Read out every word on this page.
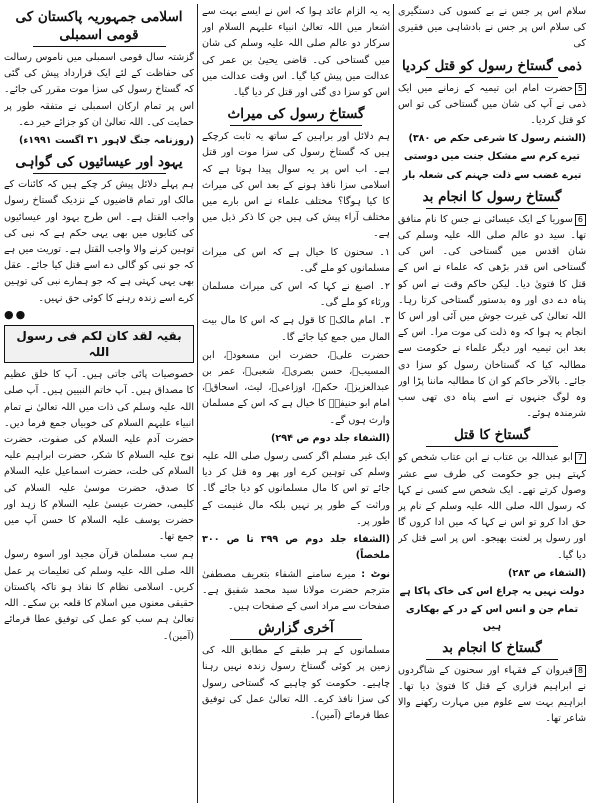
سلام اس پر جس نے بے کسوں کی دستگیری کی سلام اس پر جس نے بادشاہی میں فقیری کی

ذمی گستاخ رسول کو قتل کردیا

5حضرت امام ابن تیمیہ کے زمانے میں ایک ذمی نے آپ کی شان میں گستاخی کی تو اس کو قتل کردیا۔

(الشتم رسول کا شرعی حکم ص ۳۸۰)

تیرے کرم سے مشکل جنت میں دوستی

تیرے غضب سے ذلت جہنم کی شعلہ بار

گستاخ رسول کا انجام بد

6سوریا کے ایک عیسائی نے جس کا نام منافق تھا۔ سید دو عالم صلی اللہ علیہ وسلم کی شان اقدس میں گستاخی کی۔ اس کی گستاخی اس قدر بڑھی کہ علماء نے اس کے قتل کا فتویٰ دیا۔ لیکن حاکم وقت نے اس کو پناہ دے دی اور وہ بدستور گستاخی کرتا رہا۔ اللہ تعالیٰ کی غیرت جوش میں آئی اور اس کا انجام یہ ہوا کہ وہ ذلت کی موت مرا۔ اس کے بعد ابن تیمیہ اور دیگر علماء نے حکومت سے مطالبہ کیا کہ گستاخان رسول کو سزا دی جائے۔ بالآخر حاکم کو ان کا مطالبہ ماننا پڑا اور وہ لوگ جنہوں نے اسے پناہ دی تھی سب شرمندہ ہوئے۔

گستاخ کا قتل

7ابو عبداللہ بن عتاب نے ابن عتاب شخص کو کہتے ہیں جو حکومت کی طرف سے عشر وصول کرتے تھے۔ ایک شخص سے کسی نے کہا کہ رسول اللہ صلی اللہ علیہ وسلم کے نام پر حق ادا کرو تو اس نے کہا کہ میں ادا کروں گا اور رسول پر لعنت بھیجو۔ اس پر اسے قتل کر دیا گیا۔

(الشفاء ص ۲۸۳)

دولت نہیں یہ چراغ اس کی خاک پاکا ہے

تمام جن و انس اس کے در کے بھکاری ہیں

گستاخ کا انجام بد

8قیروان کے فقہاء اور سحنون کے شاگردوں نے ابراہیم فزاری کے قتل کا فتویٰ دیا تھا۔ ابراہیم بہت سے علوم میں مہارت رکھنے والا شاعر تھا۔

یہ یہ الزام عائد ہوا کہ اس نے ایسے بہت سے اشعار میں اللہ تعالیٰ انبیاء علیہم السلام اور سرکار دو عالم صلی اللہ علیہ وسلم کی شان میں گستاخی کی۔ قاضی یحییٰ بن عمر کی عدالت میں پیش کیا گیا۔ اس وقت عدالت میں اس کو سزا دی گئی اور قتل کر دیا گیا۔

گستاخ رسول کی میراث

ہم دلائل اور براہین کے ساتھ یہ ثابت کرچکے ہیں کہ گستاخ رسول کی سزا موت اور قتل ہے۔ اب اس پر یہ سوال پیدا ہوتا ہے کہ اسلامی سزا نافذ ہونے کے بعد اس کی میراث کا کیا ہوگا؟ مختلف علماء نے اس بارے میں مختلف آراء پیش کی ہیں جن کا ذکر ذیل میں ہے۔

۱۔ سحنون کا خیال ہے کہ اس کی میراث مسلمانوں کو ملے گی۔

۲۔ اصبغ نے کہا کہ اس کی میراث مسلمان ورثاء کو ملے گی۔

۳۔ امام مالکؒ کا قول ہے کہ اس کا مال بیت المال میں جمع کیا جائے گا۔

حضرت علیؓ، حضرت ابن مسعودؓ، ابن المسیبؒ، حسن بصریؒ، شعبیؒ، عمر بن عبدالعزیزؒ، حکمؒ، اوزاعیؒ، لیث، اسحاقؒ، امام ابو حنیفہؒ کا خیال ہے کہ اس کے مسلمان وارث ہوں گے۔

(الشفاء جلد دوم ص ۲۹۴)

ایک غیر مسلم اگر کسی رسول صلی اللہ علیہ وسلم کی توہین کرے اور پھر وہ قتل کر دیا جائے تو اس کا مال مسلمانوں کو دیا جائے گا۔ وراثت کے طور پر نہیں بلکہ مال غنیمت کے طور پر۔

(الشفاء جلد دوم ص ۳۹۹ تا ص ۳۰۰ ملخصاً)

نوٹ : میرے سامنے الشفاء بتعریف مصطفیٰ مترجم حضرت مولانا سید محمد شفیق ہے۔ صفحات سے مراد اسی کے صفحات ہیں۔

آخری گزارش

مسلمانوں کے ہر طبقے کے مطابق اللہ کی زمین پر کوئی گستاخ رسول زندہ نہیں رہنا چاہیے۔ حکومت کو چاہیے کہ گستاخی رسول کی سزا نافذ کرے۔ اللہ تعالیٰ عمل کی توفیق عطا فرمائے (آمین)۔

اسلامی جمہوریہ پاکستان کی قومی اسمبلی

گزشتہ سال قومی اسمبلی میں ناموس رسالت کی حفاظت کے لئے ایک قرارداد پیش کی گئی کہ گستاخ رسول کی سزا موت مقرر کی جائے۔ اس پر تمام ارکان اسمبلی نے متفقہ طور پر حمایت کی۔ اللہ تعالیٰ ان کو جزائے خیر دے۔

(روزنامہ جنگ لاہور ۳۱ اگست ۱۹۹۱ء)

یہود اور عیسائیوں کی گواہی

ہم پہلے دلائل پیش کر چکے ہیں کہ کائنات کے مالک اور تمام قاضیوں کے نزدیک گستاخ رسول واجب القتل ہے۔ اس طرح یہود اور عیسائیوں کی کتابوں میں بھی یہی حکم ہے کہ نبی کی توہین کرنے والا واجب القتل ہے۔ توریت میں ہے کہ جو نبی کو گالی دے اسے قتل کیا جائے۔ عقل بھی یہی کہتی ہے کہ جو ہمارے نبی کی توہین کرے اسے زندہ رہنے کا کوئی حق نہیں۔

●●

بقیہ لقد کان لکم فی رسول اللہ

خصوصیات پائی جاتی ہیں۔ آپ کا خلق عظیم کا مصداق ہیں۔ آپ خاتم النبیین ہیں۔ آپ صلی اللہ علیہ وسلم کی ذات میں اللہ تعالیٰ نے تمام انبیاء علیہم السلام کی خوبیاں جمع فرما دیں۔ حضرت آدم علیہ السلام کی صفوت، حضرت نوح علیہ السلام کا شکر، حضرت ابراہیم علیہ السلام کی خلت، حضرت اسماعیل علیہ السلام کا صدق، حضرت موسیٰ علیہ السلام کی کلیمی، حضرت عیسیٰ علیہ السلام کا زہد اور حضرت یوسف علیہ السلام کا حسن آپ میں جمع تھا۔

ہم سب مسلمان قرآن مجید اور اسوہ رسول اللہ صلی اللہ علیہ وسلم کی تعلیمات پر عمل کریں۔ اسلامی نظام کا نفاذ ہو تاکہ پاکستان حقیقی معنوں میں اسلام کا قلعہ بن سکے۔ اللہ تعالیٰ ہم سب کو عمل کی توفیق عطا فرمائے (آمین)۔
